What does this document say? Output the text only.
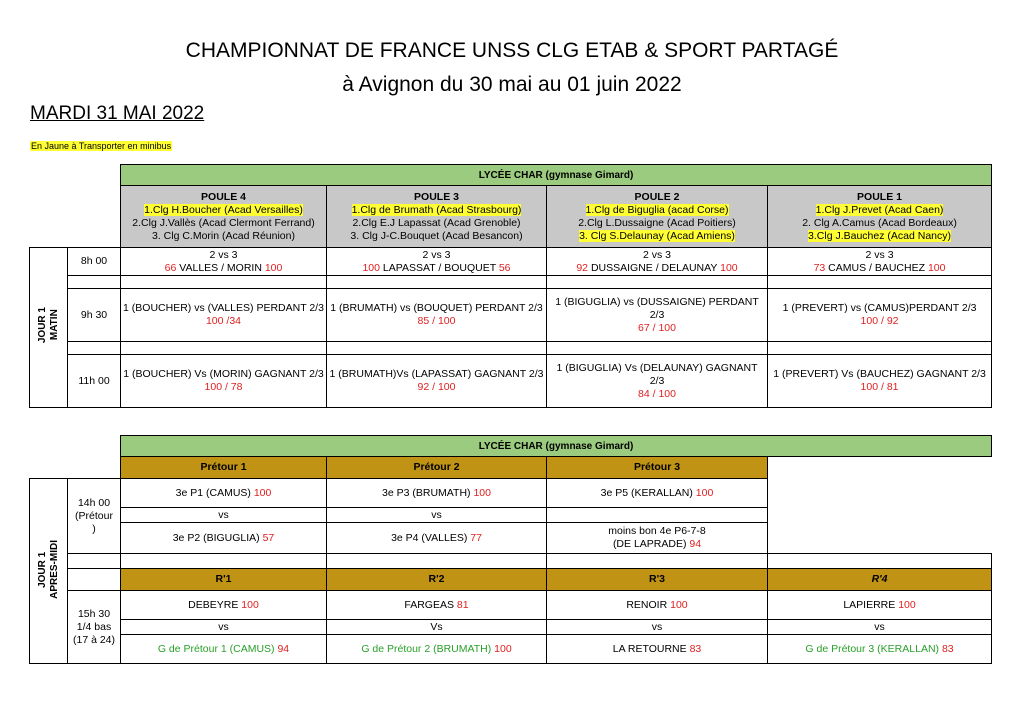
CHAMPIONNAT DE FRANCE UNSS CLG ETAB & SPORT PARTAGÉ
à Avignon du 30 mai au 01 juin 2022
MARDI 31 MAI 2022
En Jaune à Transporter en minibus
		LYCÉE CHAR (gymnase Gimard)			

		POULE 4
1.Clg H.Boucher (Acad Versailles)
2.Clg J.Vallès (Acad Clermont Ferrand)
3. Clg C.Morin (Acad Réunion)	POULE 3
1.Clg de Brumath (Acad Strasbourg)
2.Clg E.J Lapassat (Acad Grenoble)
3. Clg J-C.Bouquet (Acad Besancon)	POULE 2
1.Clg de Biguglia (acad Corse)
2.Clg L.Dussaigne (Acad Poitiers)
3. Clg S.Delaunay (Acad Amiens)	POULE 1
1.Clg J.Prevet (Acad Caen)
2. Clg A.Camus (Acad Bordeaux)
3.Clg J.Bauchez (Acad Nancy)

JOUR 1
MATIN	8h 00	2 vs 3
66 VALLES / MORIN 100	2 vs 3
100 LAPASSAT / BOUQUET 56	2 vs 3
92 DUSSAIGNE / DELAUNAY 100	2 vs 3
73 CAMUS / BAUCHEZ 100

	9h 30	1 (BOUCHER) vs (VALLES) PERDANT 2/3
100 /34	1 (BRUMATH) vs (BOUQUET) PERDANT 2/3
85 / 100	1 (BIGUGLIA) vs (DUSSAIGNE) PERDANT 2/3
67 / 100	1 (PREVERT) vs (CAMUS)PERDANT 2/3
100 / 92

	11h 00	1 (BOUCHER) Vs (MORIN) GAGNANT 2/3
100 / 78	1 (BRUMATH)Vs (LAPASSAT) GAGNANT 2/3
92 / 100	1 (BIGUGLIA) Vs (DELAUNAY) GAGNANT 2/3
84 / 100	1 (PREVERT) Vs (BAUCHEZ) GAGNANT 2/3
100 / 81
		LYCÉE CHAR (gymnase Gimard)			
		Prétour 1	Prétour 2	Prétour 3	
JOUR 1
APRES-MIDI	14h 00
(Prétour
)	3e P1 (CAMUS) 100	3e P3 (BRUMATH) 100	3e P5 (KERALLAN) 100	
		vs	vs		
		3e P2 (BIGUGLIA) 57	3e P4 (VALLES) 77	moins bon 4e P6-7-8
(DE LAPRADE) 94	

		R'1	R'2	R'3	R'4

	15h 30
1/4 bas
(17 à 24)	DEBEYRE 100	FARGEAS 81	RENOIR 100	LAPIERRE 100
		vs	Vs	vs	vs
		G de Prétour 1 (CAMUS) 94	G de Prétour 2 (BRUMATH) 100	LA RETOURNE 83	G de Prétour 3 (KERALLAN) 83
